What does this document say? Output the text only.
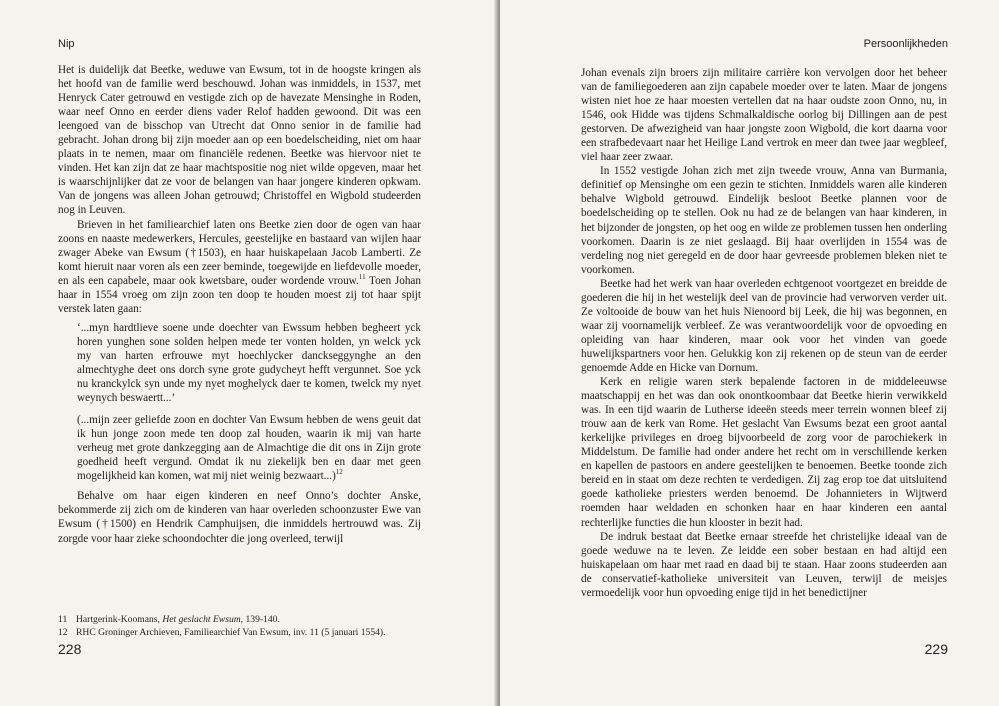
Nip

Het is duidelijk dat Beetke, weduwe van Ewsum, tot in de hoogste kringen als het hoofd van de familie werd beschouwd. Johan was inmiddels, in 1537, met Henryck Cater getrouwd en vestigde zich op de havezate Mensinghe in Roden, waar neef Onno en eerder diens vader Relof hadden gewoond. Dit was een leengoed van de bisschop van Utrecht dat Onno senior in de familie had gebracht. Johan drong bij zijn moeder aan op een boedelscheiding, niet om haar plaats in te nemen, maar om financiële redenen. Beetke was hiervoor niet te vinden. Het kan zijn dat ze haar machtspositie nog niet wilde opgeven, maar het is waarschijnlijker dat ze voor de belangen van haar jongere kinderen opkwam. Van de jongens was alleen Johan getrouwd; Christoffel en Wigbold studeerden nog in Leuven.

Brieven in het familiearchief laten ons Beetke zien door de ogen van haar zoons en naaste medewerkers, Hercules, geestelijke en bastaard van wijlen haar zwager Abeke van Ewsum (†1503), en haar huiskapelaan Jacob Lamberti. Ze komt hieruit naar voren als een zeer beminde, toegewijde en liefdevolle moeder, en als een capabele, maar ook kwetsbare, ouder wordende vrouw.$^{11}$ Toen Johan haar in 1554 vroeg om zijn zoon ten doop te houden moest zij tot haar spijt verstek laten gaan:

‘...myn hardtlieve soene unde doechter van Ewssum hebben begheert yck horen yunghen sone solden helpen mede ter vonten holden, yn welck yck my van harten erfrouwe myt hoechlycker danckseggynghe an den almechtyghe deet ons dorch syne grote gudycheyt hefft vergunnet. Soe yck nu kranckylck syn unde my nyet moghelyck daer te komen, twelck my nyet weynych beswaertt...’

(...mijn zeer geliefde zoon en dochter Van Ewsum hebben de wens geuit dat ik hun jonge zoon mede ten doop zal houden, waarin ik mij van harte verheug met grote dankzegging aan de Almachtige die dit ons in Zijn grote goedheid heeft vergund. Omdat ik nu ziekelijk ben en daar met geen mogelijkheid kan komen, wat mij niet weinig bezwaart...)$^{12}$

Behalve om haar eigen kinderen en neef Onno’s dochter Anske, bekommerde zij zich om de kinderen van haar overleden schoonzuster Ewe van Ewsum (†1500) en Hendrik Camphuijsen, die inmiddels hertrouwd was. Zij zorgde voor haar zieke schoondochter die jong overleed, terwijl

11 Hartgerink-Koomans, Het geslacht Ewsum, 139-140.
12 RHC Groninger Archieven, Familiearchief Van Ewsum, inv. 11 (5 januari 1554).
228
Persoonlijkheden

Johan evenals zijn broers zijn militaire carrière kon vervolgen door het beheer van de familiegoederen aan zijn capabele moeder over te laten. Maar de jongens wisten niet hoe ze haar moesten vertellen dat na haar oudste zoon Onno, nu, in 1546, ook Hidde was tijdens Schmalkaldische oorlog bij Dillingen aan de pest gestorven. De afwezigheid van haar jongste zoon Wigbold, die kort daarna voor een strafbedevaart naar het Heilige Land vertrok en meer dan twee jaar wegbleef, viel haar zeer zwaar.

In 1552 vestigde Johan zich met zijn tweede vrouw, Anna van Burmania, definitief op Mensinghe om een gezin te stichten. Inmiddels waren alle kinderen behalve Wigbold getrouwd. Eindelijk besloot Beetke plannen voor de boedelscheiding op te stellen. Ook nu had ze de belangen van haar kinderen, in het bijzonder de jongsten, op het oog en wilde ze problemen tussen hen onderling voorkomen. Daarin is ze niet geslaagd. Bij haar overlijden in 1554 was de verdeling nog niet geregeld en de door haar gevreesde problemen bleken niet te voorkomen.

Beetke had het werk van haar overleden echtgenoot voortgezet en breidde de goederen die hij in het westelijk deel van de provincie had verworven verder uit. Ze voltooide de bouw van het huis Nienoord bij Leek, die hij was begonnen, en waar zij voornamelijk verbleef. Ze was verantwoordelijk voor de opvoeding en opleiding van haar kinderen, maar ook voor het vinden van goede huwelijkspartners voor hen. Gelukkig kon zij rekenen op de steun van de eerder genoemde Adde en Hicke van Dornum.

Kerk en religie waren sterk bepalende factoren in de middeleeuwse maatschappij en het was dan ook onontkoombaar dat Beetke hierin verwikkeld was. In een tijd waarin de Lutherse ideeën steeds meer terrein wonnen bleef zij trouw aan de kerk van Rome. Het geslacht Van Ewsums bezat een groot aantal kerkelijke privileges en droeg bijvoorbeeld de zorg voor de parochiekerk in Middelstum. De familie had onder andere het recht om in verschillende kerken en kapellen de pastoors en andere geestelijken te benoemen. Beetke toonde zich bereid en in staat om deze rechten te verdedigen. Zij zag erop toe dat uitsluitend goede katholieke priesters werden benoemd. De Johannieters in Wijtwerd roemden haar weldaden en schonken haar en haar kinderen een aantal rechterlijke functies die hun klooster in bezit had.

De indruk bestaat dat Beetke ernaar streefde het christelijke ideaal van de goede weduwe na te leven. Ze leidde een sober bestaan en had altijd een huiskapelaan om haar met raad en daad bij te staan. Haar zoons studeerden aan de conservatief-katholieke universiteit van Leuven, terwijl de meisjes vermoedelijk voor hun opvoeding enige tijd in het benedictijner

229
